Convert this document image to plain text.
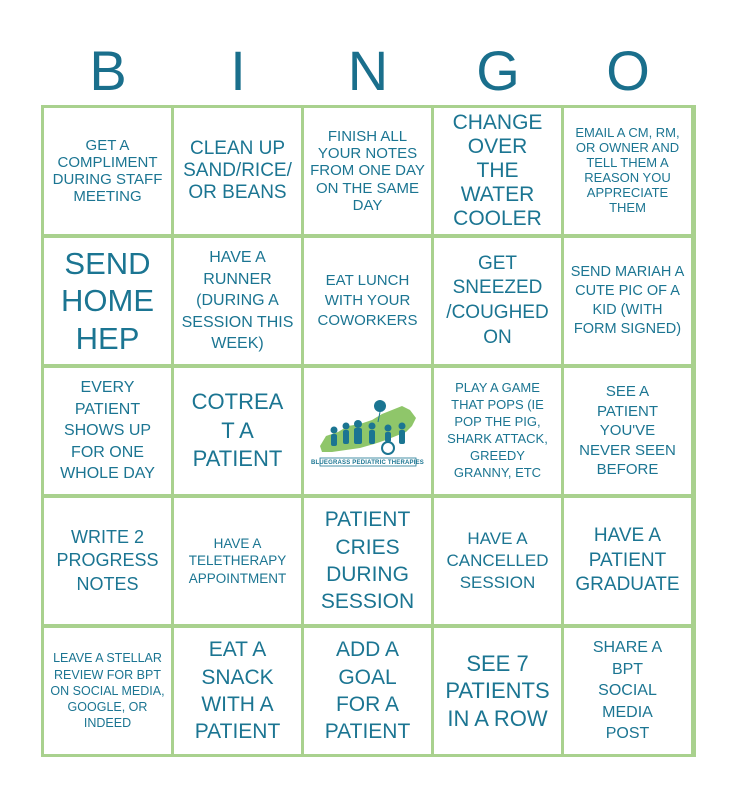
B	I	N	G	O
GET A COMPLIMENT DURING STAFF MEETING
CLEAN UP SAND/RICE/ OR BEANS
FINISH ALL YOUR NOTES FROM ONE DAY ON THE SAME DAY
CHANGE OVER THE WATER COOLER
EMAIL A CM, RM, OR OWNER AND TELL THEM A REASON YOU APPRECIATE THEM
SEND HOME HEP
HAVE A RUNNER (DURING A SESSION THIS WEEK)
EAT LUNCH WITH YOUR COWORKERS
GET SNEEZED /COUGHED ON
SEND MARIAH A CUTE PIC OF A KID (WITH FORM SIGNED)
EVERY PATIENT SHOWS UP FOR ONE WHOLE DAY
COTREAT A PATIENT	BLUEGRASS PEDIATRIC THERAPIES
PLAY A GAME THAT POPS (IE POP THE PIG, SHARK ATTACK, GREEDY GRANNY, ETC
SEE A PATIENT YOU'VE NEVER SEEN BEFORE
WRITE 2 PROGRESS NOTES
HAVE A TELETHERAPY APPOINTMENT
PATIENT CRIES DURING SESSION
HAVE A CANCELLED SESSION
HAVE A PATIENT GRADUATE
LEAVE A STELLAR REVIEW FOR BPT ON SOCIAL MEDIA, GOOGLE, OR INDEED
EAT A SNACK WITH A PATIENT
ADD A GOAL FOR A PATIENT
SEE 7 PATIENTS IN A ROW
SHARE A BPT SOCIAL MEDIA POST
